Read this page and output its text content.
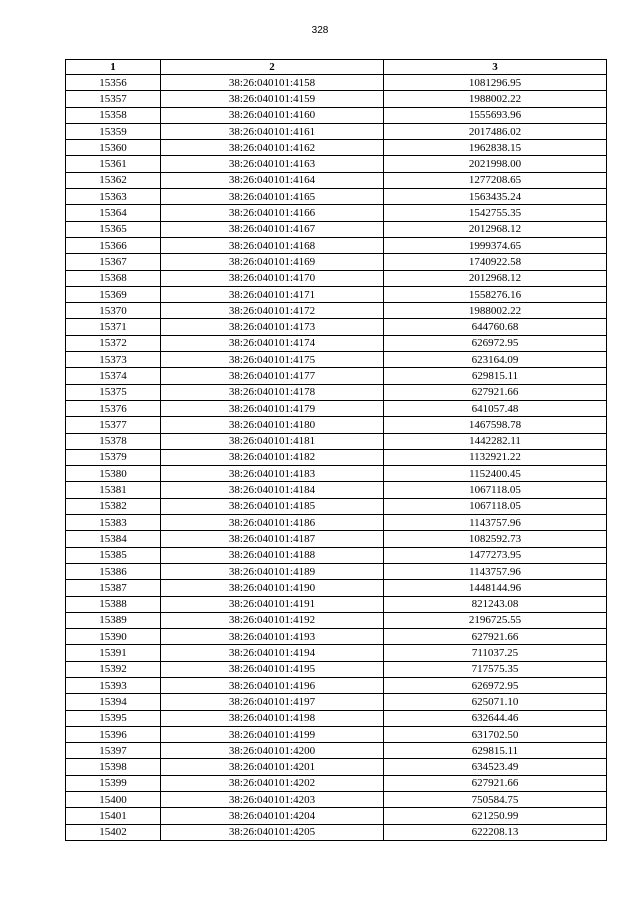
328
1	2	3
15356	38:26:040101:4158	1081296.95
15357	38:26:040101:4159	1988002.22
15358	38:26:040101:4160	1555693.96
15359	38:26:040101:4161	2017486.02
15360	38:26:040101:4162	1962838.15
15361	38:26:040101:4163	2021998.00
15362	38:26:040101:4164	1277208.65
15363	38:26:040101:4165	1563435.24
15364	38:26:040101:4166	1542755.35
15365	38:26:040101:4167	2012968.12
15366	38:26:040101:4168	1999374.65
15367	38:26:040101:4169	1740922.58
15368	38:26:040101:4170	2012968.12
15369	38:26:040101:4171	1558276.16
15370	38:26:040101:4172	1988002.22
15371	38:26:040101:4173	644760.68
15372	38:26:040101:4174	626972.95
15373	38:26:040101:4175	623164.09
15374	38:26:040101:4177	629815.11
15375	38:26:040101:4178	627921.66
15376	38:26:040101:4179	641057.48
15377	38:26:040101:4180	1467598.78
15378	38:26:040101:4181	1442282.11
15379	38:26:040101:4182	1132921.22
15380	38:26:040101:4183	1152400.45
15381	38:26:040101:4184	1067118.05
15382	38:26:040101:4185	1067118.05
15383	38:26:040101:4186	1143757.96
15384	38:26:040101:4187	1082592.73
15385	38:26:040101:4188	1477273.95
15386	38:26:040101:4189	1143757.96
15387	38:26:040101:4190	1448144.96
15388	38:26:040101:4191	821243.08
15389	38:26:040101:4192	2196725.55
15390	38:26:040101:4193	627921.66
15391	38:26:040101:4194	711037.25
15392	38:26:040101:4195	717575.35
15393	38:26:040101:4196	626972.95
15394	38:26:040101:4197	625071.10
15395	38:26:040101:4198	632644.46
15396	38:26:040101:4199	631702.50
15397	38:26:040101:4200	629815.11
15398	38:26:040101:4201	634523.49
15399	38:26:040101:4202	627921.66
15400	38:26:040101:4203	750584.75
15401	38:26:040101:4204	621250.99
15402	38:26:040101:4205	622208.13
